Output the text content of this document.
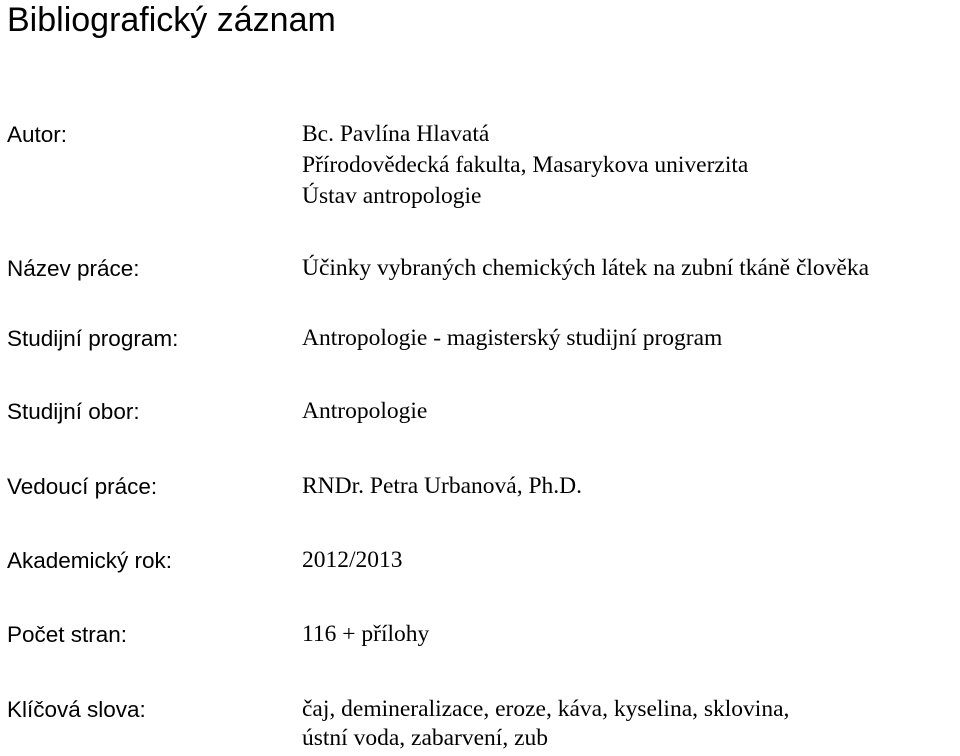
Bibliografický záznam
Autor:	Bc. Pavlína Hlavatá
Přírodovědecká fakulta, Masarykova univerzita
Ústav antropologie
Název práce:	Účinky vybraných chemických látek na zubní tkáně člověka
Studijní program:	Antropologie - magisterský studijní program
Studijní obor:	Antropologie
Vedoucí práce:	RNDr. Petra Urbanová, Ph.D.
Akademický rok:	2012/2013
Počet stran:	116 + přílohy
Klíčová slova:	čaj, demineralizace, eroze, káva, kyselina, sklovina,
ústní voda, zabarvení, zub
